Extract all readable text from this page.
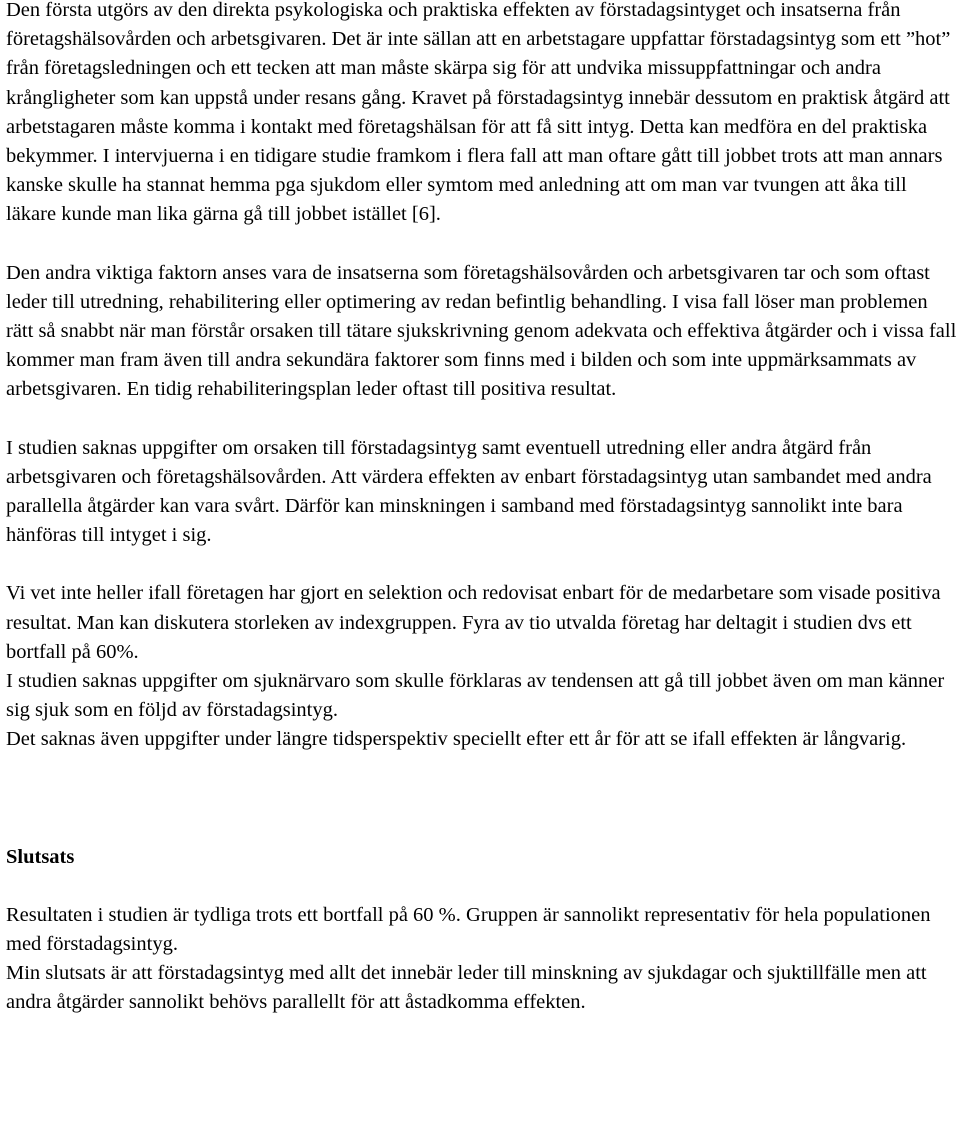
Den första utgörs av den direkta psykologiska och praktiska effekten av förstadagsintyget och insatserna från företagshälsovården och arbetsgivaren. Det är inte sällan att en arbetstagare uppfattar förstadagsintyg som ett ”hot” från företagsledningen och ett tecken att man måste skärpa sig för att undvika missuppfattningar och andra krångligheter som kan uppstå under resans gång. Kravet på förstadagsintyg innebär dessutom en praktisk åtgärd att arbetstagaren måste komma i kontakt med företagshälsan för att få sitt intyg. Detta kan medföra en del praktiska bekymmer. I intervjuerna i en tidigare studie framkom i flera fall att man oftare gått till jobbet trots att man annars kanske skulle ha stannat hemma pga sjukdom eller symtom med anledning att om man var tvungen att åka till läkare kunde man lika gärna gå till jobbet istället [6].

Den andra viktiga faktorn anses vara de insatserna som företagshälsovården och arbetsgivaren tar och som oftast leder till utredning, rehabilitering eller optimering av redan befintlig behandling. I visa fall löser man problemen rätt så snabbt när man förstår orsaken till tätare sjukskrivning genom adekvata och effektiva åtgärder och i vissa fall kommer man fram även till andra sekundära faktorer som finns med i bilden och som inte uppmärksammats av arbetsgivaren. En tidig rehabiliteringsplan leder oftast till positiva resultat.

I studien saknas uppgifter om orsaken till förstadagsintyg samt eventuell utredning eller andra åtgärd från arbetsgivaren och företagshälsovården. Att värdera effekten av enbart förstadagsintyg utan sambandet med andra parallella åtgärder kan vara svårt. Därför kan minskningen i samband med förstadagsintyg sannolikt inte bara hänföras till intyget i sig.

Vi vet inte heller ifall företagen har gjort en selektion och redovisat enbart för de medarbetare som visade positiva resultat. Man kan diskutera storleken av indexgruppen. Fyra av tio utvalda företag har deltagit i studien dvs ett bortfall på 60%.

I studien saknas uppgifter om sjuknärvaro som skulle förklaras av tendensen att gå till jobbet även om man känner sig sjuk som en följd av förstadagsintyg.

Det saknas även uppgifter under längre tidsperspektiv speciellt efter ett år för att se ifall effekten är långvarig.

Slutsats

Resultaten i studien är tydliga trots ett bortfall på 60 %. Gruppen är sannolikt representativ för hela populationen med förstadagsintyg.

Min slutsats är att förstadagsintyg med allt det innebär leder till minskning av sjukdagar och sjuktillfälle men att andra åtgärder sannolikt behövs parallellt för att åstadkomma effekten.
